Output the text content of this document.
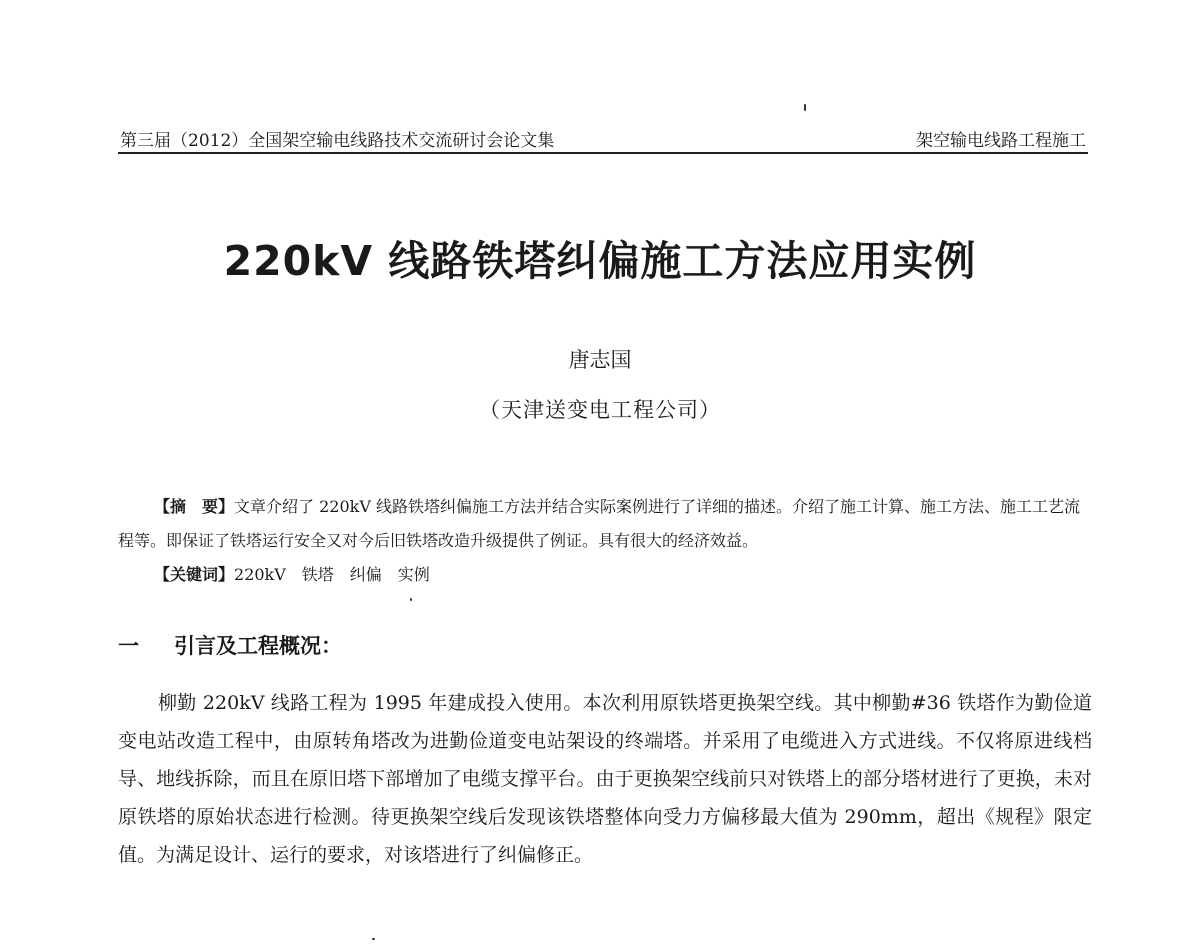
第三届（2012）全国架空输电线路技术交流研讨会论文集	架空输电线路工程施工
220kV 线路铁塔纠偏施工方法应用实例
唐志国
（天津送变电工程公司）

【摘　要】文章介绍了 220kV 线路铁塔纠偏施工方法并结合实际案例进行了详细的描述。介绍了施工计算、施工方法、施工工艺流程等。即保证了铁塔运行安全又对今后旧铁塔改造升级提供了例证。具有很大的经济效益。

【关键词】220kV　铁塔　纠偏　实例

一 引言及工程概况：

柳勤 220kV 线路工程为 1995 年建成投入使用。本次利用原铁塔更换架空线。其中柳勤#36 铁塔作为勤俭道变电站改造工程中，由原转角塔改为进勤俭道变电站架设的终端塔。并采用了电缆进入方式进线。不仅将原进线档导、地线拆除，而且在原旧塔下部增加了电缆支撑平台。由于更换架空线前只对铁塔上的部分塔材进行了更换，未对原铁塔的原始状态进行检测。待更换架空线后发现该铁塔整体向受力方偏移最大值为 290mm，超出《规程》限定值。为满足设计、运行的要求，对该塔进行了纠偏修正。
